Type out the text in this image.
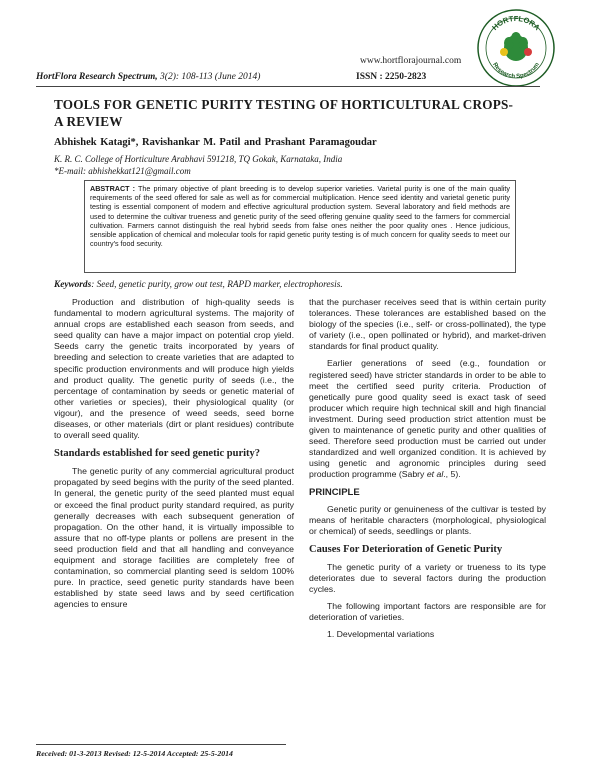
HORTFLORA
Research Spectrum
www.hortflorajournal.com
HortFlora Research Spectrum, 3(2): 108-113 (June 2014)	ISSN : 2250-2823
TOOLS FOR GENETIC PURITY TESTING OF HORTICULTURAL CROPS- A REVIEW
Abhishek Katagi*, Ravishankar M. Patil and Prashant Paramagoudar
K. R. C. College of Horticulture Arabhavi 591218, TQ Gokak, Karnataka, India
*E-mail: abhishekkat121@gmail.com
ABSTRACT : The primary objective of plant breeding is to develop superior varieties. Varietal purity is one of the main quality requirements of the seed offered for sale as well as for commercial multiplication. Hence seed identity and varietal genetic purity testing is essential component of modern and effective agricultural production system. Several laboratory and field methods are used to determine the cultivar trueness and genetic purity of the seed offering genuine quality seed to the farmers for commercial cultivation. Farmers cannot distinguish the real hybrid seeds from false ones neither the poor quality ones . Hence judicious, sensible application of chemical and molecular tools for rapid genetic purity testing is of much concern for quality seeds to meet our country's food security.
Keywords: Seed, genetic purity, grow out test, RAPD marker, electrophoresis.

Production and distribution of high-quality seeds is fundamental to modern agricultural systems. The majority of annual crops are established each season from seeds, and seed quality can have a major impact on potential crop yield. Seeds carry the genetic traits incorporated by years of breeding and selection to create varieties that are adapted to specific production environments and will produce high yields and product quality. The genetic purity of seeds (i.e., the percentage of contamination by seeds or genetic material of other varieties or species), their physiological quality (or vigour), and the presence of weed seeds, seed borne diseases, or other materials (dirt or plant residues) contribute to overall seed quality.

Standards established for seed genetic purity?

The genetic purity of any commercial agricultural product propagated by seed begins with the purity of the seed planted. In general, the genetic purity of the seed planted must equal or exceed the final product purity standard required, as purity generally decreases with each subsequent generation of propagation. On the other hand, it is virtually impossible to assure that no off-type plants or pollens are present in the seed production field and that all handling and conveyance equipment and storage facilities are completely free of contamination, so commercial planting seed is seldom 100% pure. In practice, seed genetic purity standards have been established by state seed laws and by seed certification agencies to ensure

that the purchaser receives seed that is within certain purity tolerances. These tolerances are established based on the biology of the species (i.e., self- or cross-pollinated), the type of variety (i.e., open pollinated or hybrid), and market-driven standards for final product quality.

Earlier generations of seed (e.g., foundation or registered seed) have stricter standards in order to be able to meet the certified seed purity criteria. Production of genetically pure good quality seed is exact task of seed producer which require high technical skill and high financial investment. During seed production strict attention must be given to maintenance of genetic purity and other qualities of seed. Therefore seed production must be carried out under standardized and well organized condition. It is achieved by using genetic and agronomic principles during seed production programme (Sabry et al., 5).

PRINCIPLE

Genetic purity or genuineness of the cultivar is tested by means of heritable characters (morphological, physiological or chemical) of seeds, seedlings or plants.

Causes For Deterioration of Genetic Purity

The genetic purity of a variety or trueness to its type deteriorates due to several factors during the production cycles.

The following important factors are responsible are for deterioration of varieties.

1. Developmental variations

Received: 01-3-2013 Revised: 12-5-2014 Accepted: 25-5-2014
